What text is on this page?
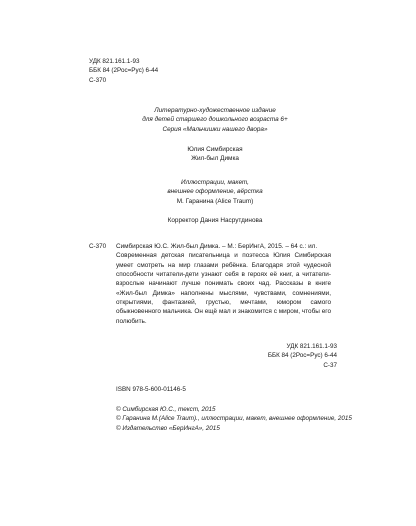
УДК 821.161.1-93
ББК 84 (2Рос=Рус) 6-44
С-370
Литературно-художественное издание
для детей старшего дошкольного возраста 6+
Серия «Мальчишки нашего двора»
Юлия Симбирская
Жил-был Димка
Иллюстрации, макет,
внешнее оформление, вёрстка
М. Гаранина (Alice Traum)
Корректор Дания Насрутдинова
С-370 Симбирская Ю.С. Жил-был Димка. – М.: БерИнгА, 2015. – 64 с.: ил.

Современная детская писательница и поэтесса Юлия Симбирская умеет смотреть на мир глазами ребёнка. Благодаря этой чудесной способности читатели-дети узнают себя в героях её книг, а читатели-взрослые начинают лучше понимать своих чад. Рассказы в книге «Жил-был Димка» наполнены мыслями, чувствами, сомнениями, открытиями, фантазией, грустью, мечтами, юмором самого обыкновенного мальчика. Он ещё мал и знакомится с миром, чтобы его полюбить.

УДК 821.161.1-93
ББК 84 (2Рос=Рус) 6-44
С-37
ISBN 978-5-600-01146-5
© Симбирская Ю.С., текст, 2015
© Гаранина М.(Alice Traum)., иллюстрации, макет, внешнее оформление, 2015
© Издательство «БерИнгА», 2015
